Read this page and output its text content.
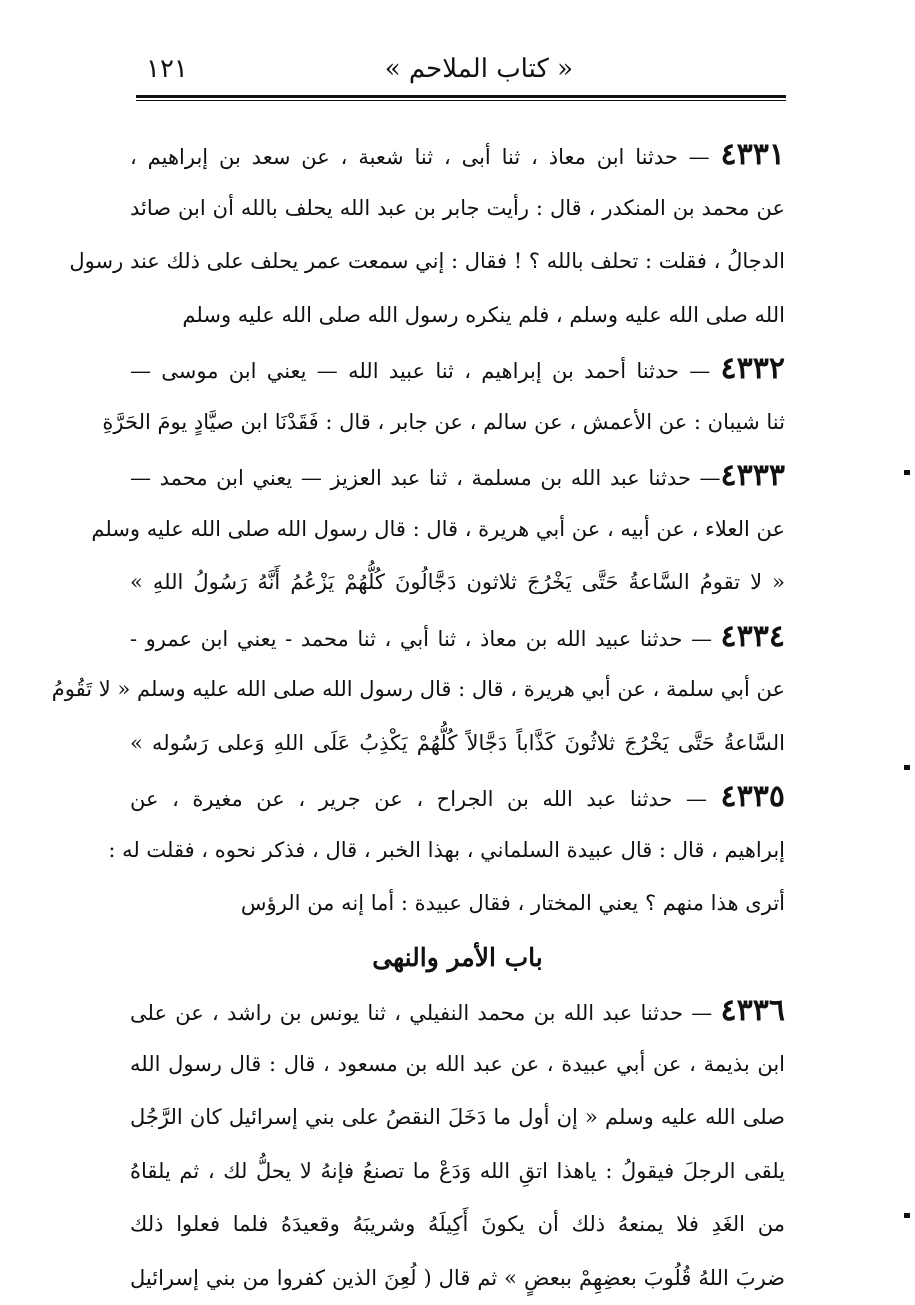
« كتاب الملاحم »
١٢١
٤٣٣١ — حدثنا ابن معاذ ، ثنا أبى ، ثنا شعبة ، عن سعد بن إبراهيم ،
عن محمد بن المنكدر ، قال : رأيت جابر بن عبد الله يحلف بالله أن ابن صائد
الدجالُ ، فقلت : تحلف بالله ؟ ! فقال : إني سمعت عمر يحلف على ذلك عند رسول
الله صلى الله عليه وسلم ، فلم ينكره رسول الله صلى الله عليه وسلم
٤٣٣٢ — حدثنا أحمد بن إبراهيم ، ثنا عبيد الله — يعني ابن موسى —
ثنا شيبان : عن الأعمش ، عن سالم ، عن جابر ، قال : فَقَدْنَا ابن صيَّادٍ يومَ الحَرَّةِ
٤٣٣٣— حدثنا عبد الله بن مسلمة ، ثنا عبد العزيز — يعني ابن محمد —
عن العلاء ، عن أبيه ، عن أبي هريرة ، قال : قال رسول الله صلى الله عليه وسلم
« لا تقومُ السَّاعةُ حَتَّى يَخْرُجَ ثلاثون دَجَّالُونَ كُلُّهُمْ يَزْعُمُ أَنَّهُ رَسُولُ اللهِ »
٤٣٣٤ — حدثنا عبيد الله بن معاذ ، ثنا أبي ، ثنا محمد - يعني ابن عمرو -
عن أبي سلمة ، عن أبي هريرة ، قال : قال رسول الله صلى الله عليه وسلم « لا تَقُومُ
السَّاعةُ حَتَّى يَخْرُجَ ثلاثُونَ كَذَّاباً دَجَّالاً كُلُّهُمْ يَكْذِبُ عَلَى اللهِ وَعلى رَسُوله »
٤٣٣٥ — حدثنا عبد الله بن الجراح ، عن جرير ، عن مغيرة ، عن
إبراهيم ، قال : قال عبيدة السلماني ، بهذا الخبر ، قال ، فذكر نحوه ، فقلت له :
أترى هذا منهم ؟ يعني المختار ، فقال عبيدة : أما إنه من الرؤس
باب الأمر والنهى
٤٣٣٦ — حدثنا عبد الله بن محمد النفيلي ، ثنا يونس بن راشد ، عن على
ابن بذيمة ، عن أبي عبيدة ، عن عبد الله بن مسعود ، قال : قال رسول الله
صلى الله عليه وسلم « إن أول ما دَخَلَ النقصُ على بني إسرائيل كان الرَّجُل
يلقى الرجلَ فيقولُ : ياهذا اتقِ الله وَدَعْ ما تصنعُ فإنهُ لا يحلُّ لك ، ثم يلقاهُ
من الغَدِ فلا يمنعهُ ذلك أن يكونَ أَكِيلَهُ وشريبَهُ وقعيدَهُ فلما فعلوا ذلك
ضربَ اللهُ قُلُوبَ بعضِهِمْ ببعضٍ » ثم قال ( لُعِنَ الذين كفروا من بني إسرائيل
